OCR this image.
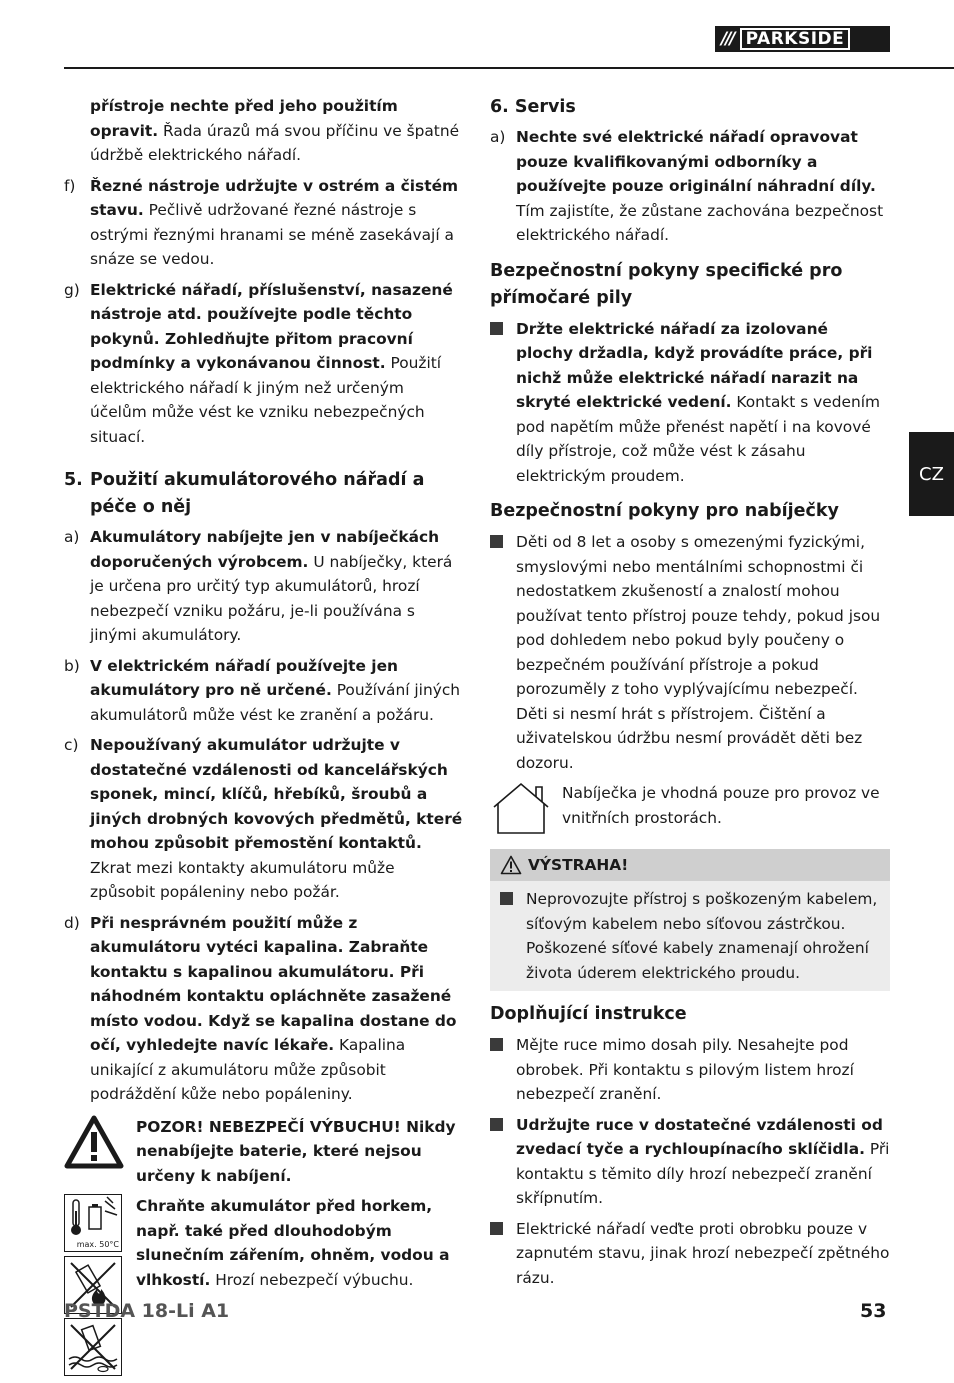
/// PARKSIDE
CZ
přístroje nechte před jeho použitím opravit. Řada úrazů má svou příčinu ve špatné údržbě elektrického nářadí.
f) Řezné nástroje udržujte v ostrém a čistém stavu. Pečlivě udržované řezné nástroje s ostrými řeznými hranami se méně zasekávají a snáze se vedou.
g) Elektrické nářadí, příslušenství, nasazené nástroje atd. používejte podle těchto pokynů. Zohledňujte přitom pracovní podmínky a vykonávanou činnost. Použití elektrického nářadí k jiným než určeným účelům může vést ke vzniku nebezpečných situací.
5. Použití akumulátorového nářadí a péče o něj
a) Akumulátory nabíjejte jen v nabíječkách doporučených výrobcem. U nabíječky, která je určena pro určitý typ akumulátorů, hrozí nebezpečí vzniku požáru, je-li používána s jinými akumulátory.
b) V elektrickém nářadí používejte jen akumulátory pro ně určené. Používání jiných akumulátorů může vést ke zranění a požáru.
c) Nepoužívaný akumulátor udržujte v dostatečné vzdálenosti od kancelářských sponek, mincí, klíčů, hřebíků, šroubů a jiných drobných kovových předmětů, které mohou způsobit přemostění kontaktů. Zkrat mezi kontakty akumulátoru může způsobit popáleniny nebo požár.
d) Při nesprávném použití může z akumulátoru vytéci kapalina. Zabraňte kontaktu s kapalinou akumulátoru. Při náhodném kontaktu opláchněte zasažené místo vodou. Když se kapalina dostane do očí, vyhledejte navíc lékaře. Kapalina unikající z akumulátoru může způsobit podráždění kůže nebo popáleniny.
POZOR! NEBEZPEČÍ VÝBUCHU! Nikdy nenabíjejte baterie, které nejsou určeny k nabíjení.
max. 50°C
Chraňte akumulátor před horkem, např. také před dlouhodobým slunečním zářením, ohněm, vodou a vlhkostí. Hrozí nebezpečí výbuchu.
6. Servis
a) Nechte své elektrické nářadí opravovat pouze kvalifikovanými odborníky a používejte pouze originální náhradní díly. Tím zajistíte, že zůstane zachována bezpečnost elektrického nářadí.
Bezpečnostní pokyny specifické pro přímočaré pily
Držte elektrické nářadí za izolované plochy držadla, když provádíte práce, při nichž může elektrické nářadí narazit na skryté elektrické vedení. Kontakt s vedením pod napětím může přenést napětí i na kovové díly přístroje, což může vést k zásahu elektrickým proudem.
Bezpečnostní pokyny pro nabíječky
Děti od 8 let a osoby s omezenými fyzickými, smyslovými nebo mentálními schopnostmi či nedostatkem zkušeností a znalostí mohou používat tento přístroj pouze tehdy, pokud jsou pod dohledem nebo pokud byly poučeny o bezpečném používání přístroje a pokud porozuměly z toho vyplývajícímu nebezpečí. Děti si nesmí hrát s přístrojem. Čištění a uživatelskou údržbu nesmí provádět děti bez dozoru.
Nabíječka je vhodná pouze pro provoz ve vnitřních prostorách.
VÝSTRAHA!
Neprovozujte přístroj s poškozeným kabelem, síťovým kabelem nebo síťovou zástrčkou. Poškozené síťové kabely znamenají ohrožení života úderem elektrického proudu.
Doplňující instrukce
Mějte ruce mimo dosah pily. Nesahejte pod obrobek. Při kontaktu s pilovým listem hrozí nebezpečí zranění.
Udržujte ruce v dostatečné vzdálenosti od zvedací tyče a rychloupínacího sklíčidla. Při kontaktu s těmito díly hrozí nebezpečí zranění skřípnutím.
Elektrické nářadí veďte proti obrobku pouze v zapnutém stavu, jinak hrozí nebezpečí zpětného rázu.
PSTDA 18-Li A1	53
